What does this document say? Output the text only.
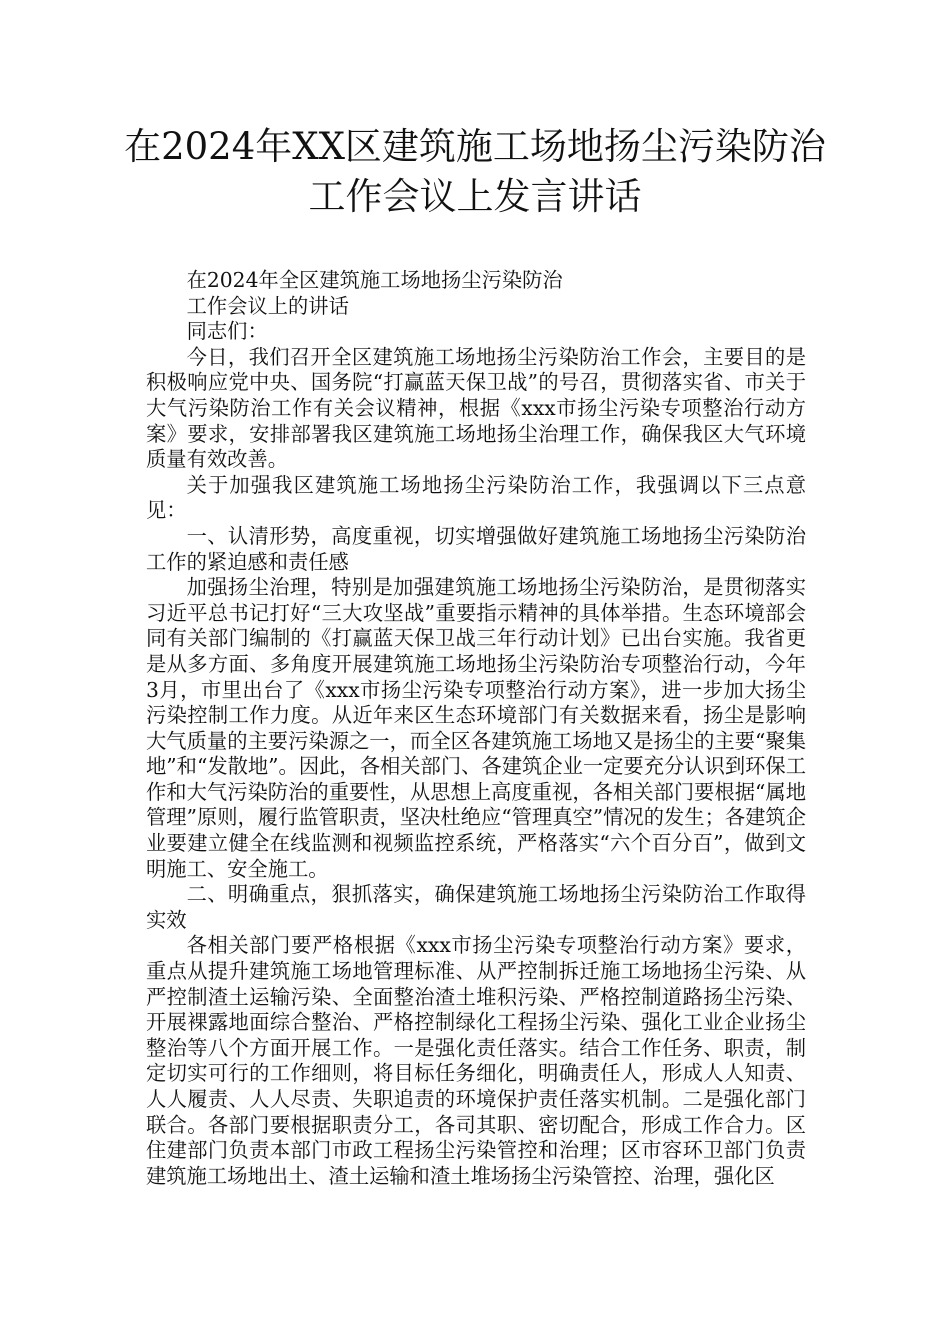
在2024年XX区建筑施工场地扬尘污染防治
工作会议上发言讲话

在2024年全区建筑施工场地扬尘污染防治

工作会议上的讲话

同志们：

今日，我们召开全区建筑施工场地扬尘污染防治工作会，主要目的是积极响应党中央、国务院“打赢蓝天保卫战”的号召，贯彻落实省、市关于大气污染防治工作有关会议精神，根据《xxx市扬尘污染专项整治行动方案》要求，安排部署我区建筑施工场地扬尘治理工作，确保我区大气环境质量有效改善。

关于加强我区建筑施工场地扬尘污染防治工作，我强调以下三点意见：

一、认清形势，高度重视，切实增强做好建筑施工场地扬尘污染防治工作的紧迫感和责任感

加强扬尘治理，特别是加强建筑施工场地扬尘污染防治，是贯彻落实习近平总书记打好“三大攻坚战”重要指示精神的具体举措。生态环境部会同有关部门编制的《打赢蓝天保卫战三年行动计划》已出台实施。我省更是从多方面、多角度开展建筑施工场地扬尘污染防治专项整治行动，今年3月，市里出台了《xxx市扬尘污染专项整治行动方案》，进一步加大扬尘污染控制工作力度。从近年来区生态环境部门有关数据来看，扬尘是影响大气质量的主要污染源之一，而全区各建筑施工场地又是扬尘的主要“聚集地”和“发散地”。因此，各相关部门、各建筑企业一定要充分认识到环保工作和大气污染防治的重要性，从思想上高度重视，各相关部门要根据“属地管理”原则，履行监管职责，坚决杜绝应“管理真空”情况的发生；各建筑企业要建立健全在线监测和视频监控系统，严格落实“六个百分百”，做到文明施工、安全施工。

二、明确重点，狠抓落实，确保建筑施工场地扬尘污染防治工作取得实效

各相关部门要严格根据《xxx市扬尘污染专项整治行动方案》要求，重点从提升建筑施工场地管理标准、从严控制拆迁施工场地扬尘污染、从严控制渣土运输污染、全面整治渣土堆积污染、严格控制道路扬尘污染、开展裸露地面综合整治、严格控制绿化工程扬尘污染、强化工业企业扬尘整治等八个方面开展工作。一是强化责任落实。结合工作任务、职责，制定切实可行的工作细则，将目标任务细化，明确责任人，形成人人知责、人人履责、人人尽责、失职追责的环境保护责任落实机制。二是强化部门联合。各部门要根据职责分工，各司其职、密切配合，形成工作合力。区住建部门负责本部门市政工程扬尘污染管控和治理；区市容环卫部门负责建筑施工场地出土、渣土运输和渣土堆场扬尘污染管控、治理，强化区
